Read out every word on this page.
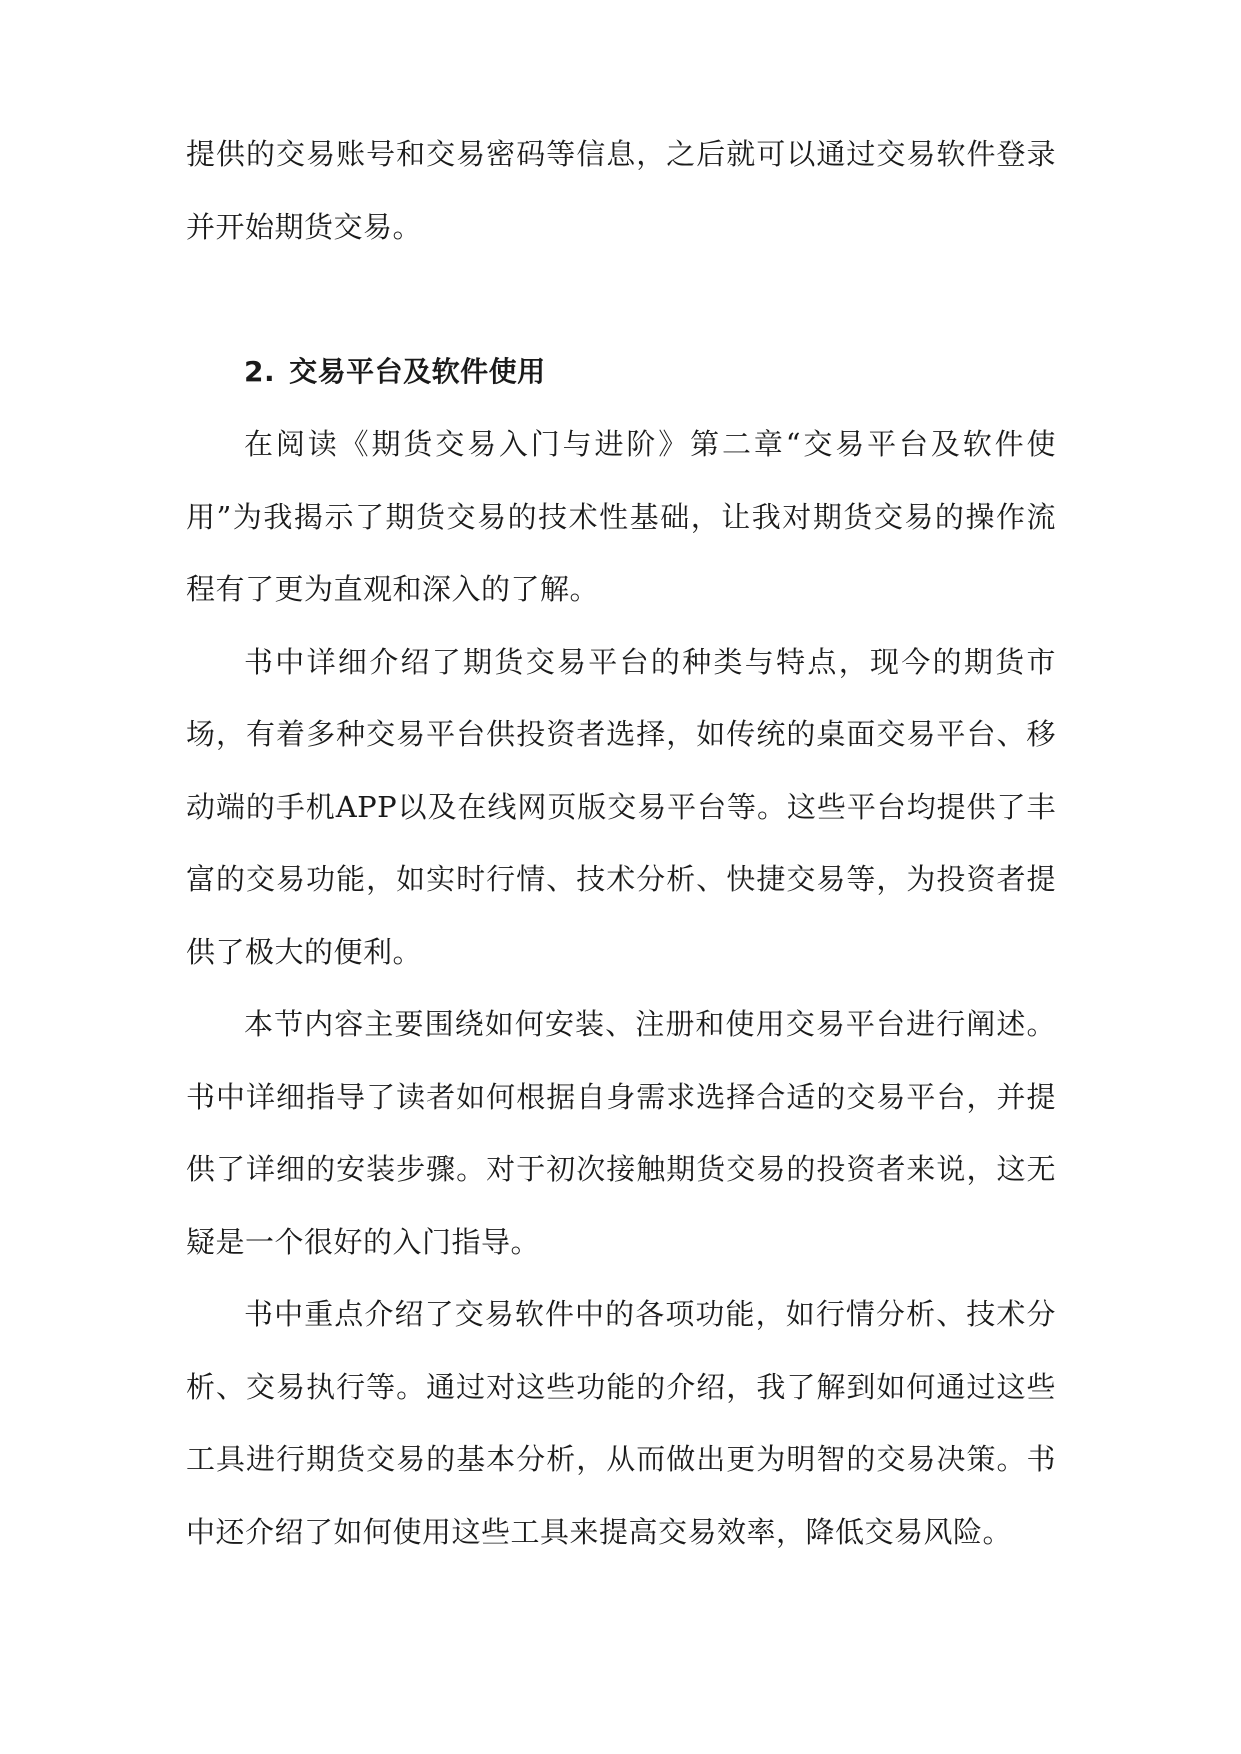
提供的交易账号和交易密码等信息，之后就可以通过交易软件登录并开始期货交易。

2. 交易平台及软件使用

在阅读《期货交易入门与进阶》第二章“交易平台及软件使用”为我揭示了期货交易的技术性基础，让我对期货交易的操作流程有了更为直观和深入的了解。

书中详细介绍了期货交易平台的种类与特点，现今的期货市场，有着多种交易平台供投资者选择，如传统的桌面交易平台、移动端的手机APP以及在线网页版交易平台等。这些平台均提供了丰富的交易功能，如实时行情、技术分析、快捷交易等，为投资者提供了极大的便利。

本节内容主要围绕如何安装、注册和使用交易平台进行阐述。书中详细指导了读者如何根据自身需求选择合适的交易平台，并提供了详细的安装步骤。对于初次接触期货交易的投资者来说，这无疑是一个很好的入门指导。

书中重点介绍了交易软件中的各项功能，如行情分析、技术分析、交易执行等。通过对这些功能的介绍，我了解到如何通过这些工具进行期货交易的基本分析，从而做出更为明智的交易决策。书中还介绍了如何使用这些工具来提高交易效率，降低交易风险。
